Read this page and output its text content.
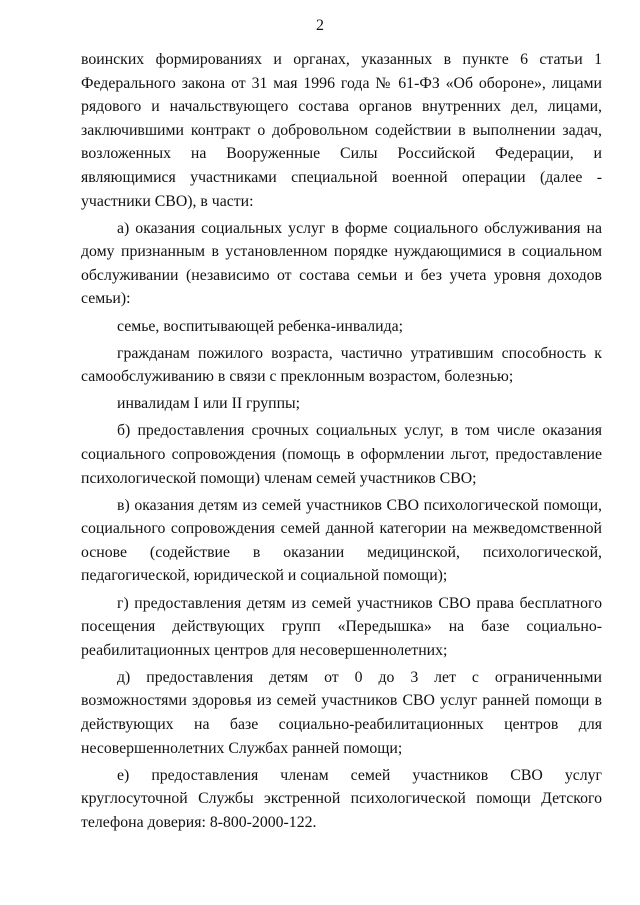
2

воинских формированиях и органах, указанных в пункте 6 статьи 1 Федерального закона от 31 мая 1996 года № 61-ФЗ «Об обороне», лицами рядового и начальствующего состава органов внутренних дел, лицами, заключившими контракт о добровольном содействии в выполнении задач, возложенных на Вооруженные Силы Российской Федерации, и являющимися участниками специальной военной операции (далее - участники СВО), в части:

а) оказания социальных услуг в форме социального обслуживания на дому признанным в установленном порядке нуждающимися в социальном обслуживании (независимо от состава семьи и без учета уровня доходов семьи):

семье, воспитывающей ребенка-инвалида;

гражданам пожилого возраста, частично утратившим способность к самообслуживанию в связи с преклонным возрастом, болезнью;

инвалидам I или II группы;

б) предоставления срочных социальных услуг, в том числе оказания социального сопровождения (помощь в оформлении льгот, предоставление психологической помощи) членам семей участников СВО;

в) оказания детям из семей участников СВО психологической помощи, социального сопровождения семей данной категории на межведомственной основе (содействие в оказании медицинской, психологической, педагогической, юридической и социальной помощи);

г) предоставления детям из семей участников СВО права бесплатного посещения действующих групп «Передышка» на базе социально-реабилитационных центров для несовершеннолетних;

д) предоставления детям от 0 до 3 лет с ограниченными возможностями здоровья из семей участников СВО услуг ранней помощи в действующих на базе социально-реабилитационных центров для несовершеннолетних Службах ранней помощи;

е) предоставления членам семей участников СВО услуг круглосуточной Службы экстренной психологической помощи Детского телефона доверия: 8-800-2000-122.
